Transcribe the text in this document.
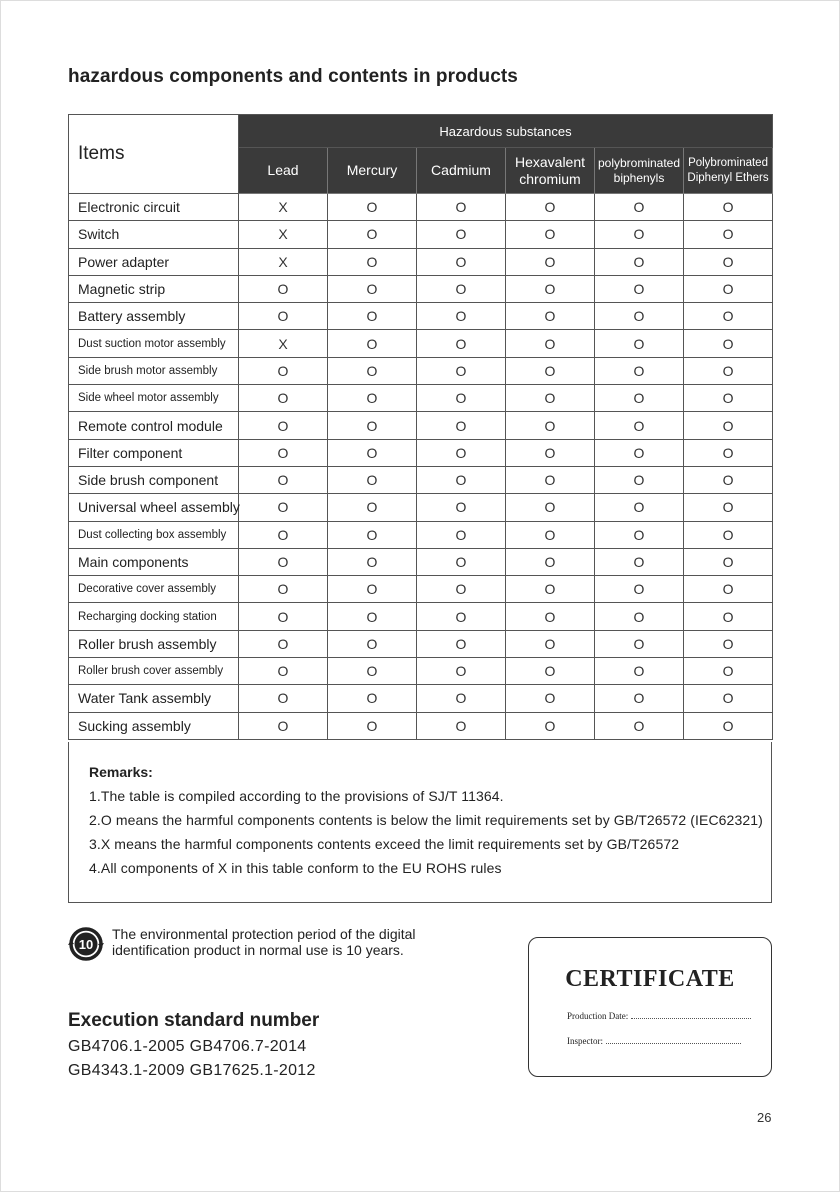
hazardous components and contents in products
Items	Hazardous substances					
	Lead	Mercury	Cadmium	Hexavalent chromium	polybrominated biphenyls	Polybrominated Diphenyl Ethers
Electronic circuit	X	O	O	O	O	O
Switch	X	O	O	O	O	O
Power adapter	X	O	O	O	O	O
Magnetic strip	O	O	O	O	O	O
Battery assembly	O	O	O	O	O	O
Dust suction motor assembly	X	O	O	O	O	O
Side brush motor assembly	O	O	O	O	O	O
Side wheel motor assembly	O	O	O	O	O	O
Remote control module	O	O	O	O	O	O
Filter component	O	O	O	O	O	O
Side brush component	O	O	O	O	O	O
Universal wheel assembly	O	O	O	O	O	O
Dust collecting box assembly	O	O	O	O	O	O
Main components	O	O	O	O	O	O
Decorative cover assembly	O	O	O	O	O	O
Recharging docking station	O	O	O	O	O	O
Roller brush assembly	O	O	O	O	O	O
Roller brush cover assembly	O	O	O	O	O	O
Water Tank assembly	O	O	O	O	O	O
Sucking assembly	O	O	O	O	O	O
Remarks:
1.The table is compiled according to the provisions of SJ/T 11364.
2.O means the harmful components contents is below the limit requirements set by GB/T26572 (IEC62321)
3.X means the harmful components contents exceed the limit requirements set by GB/T26572
4.All components of X in this table conform to the EU ROHS rules
10
The environmental protection period of the digital identification product in normal use is 10 years.
Execution standard number
GB4706.1-2005 GB4706.7-2014
GB4343.1-2009 GB17625.1-2012
CERTIFICATE
Production Date:
Inspector:
26
